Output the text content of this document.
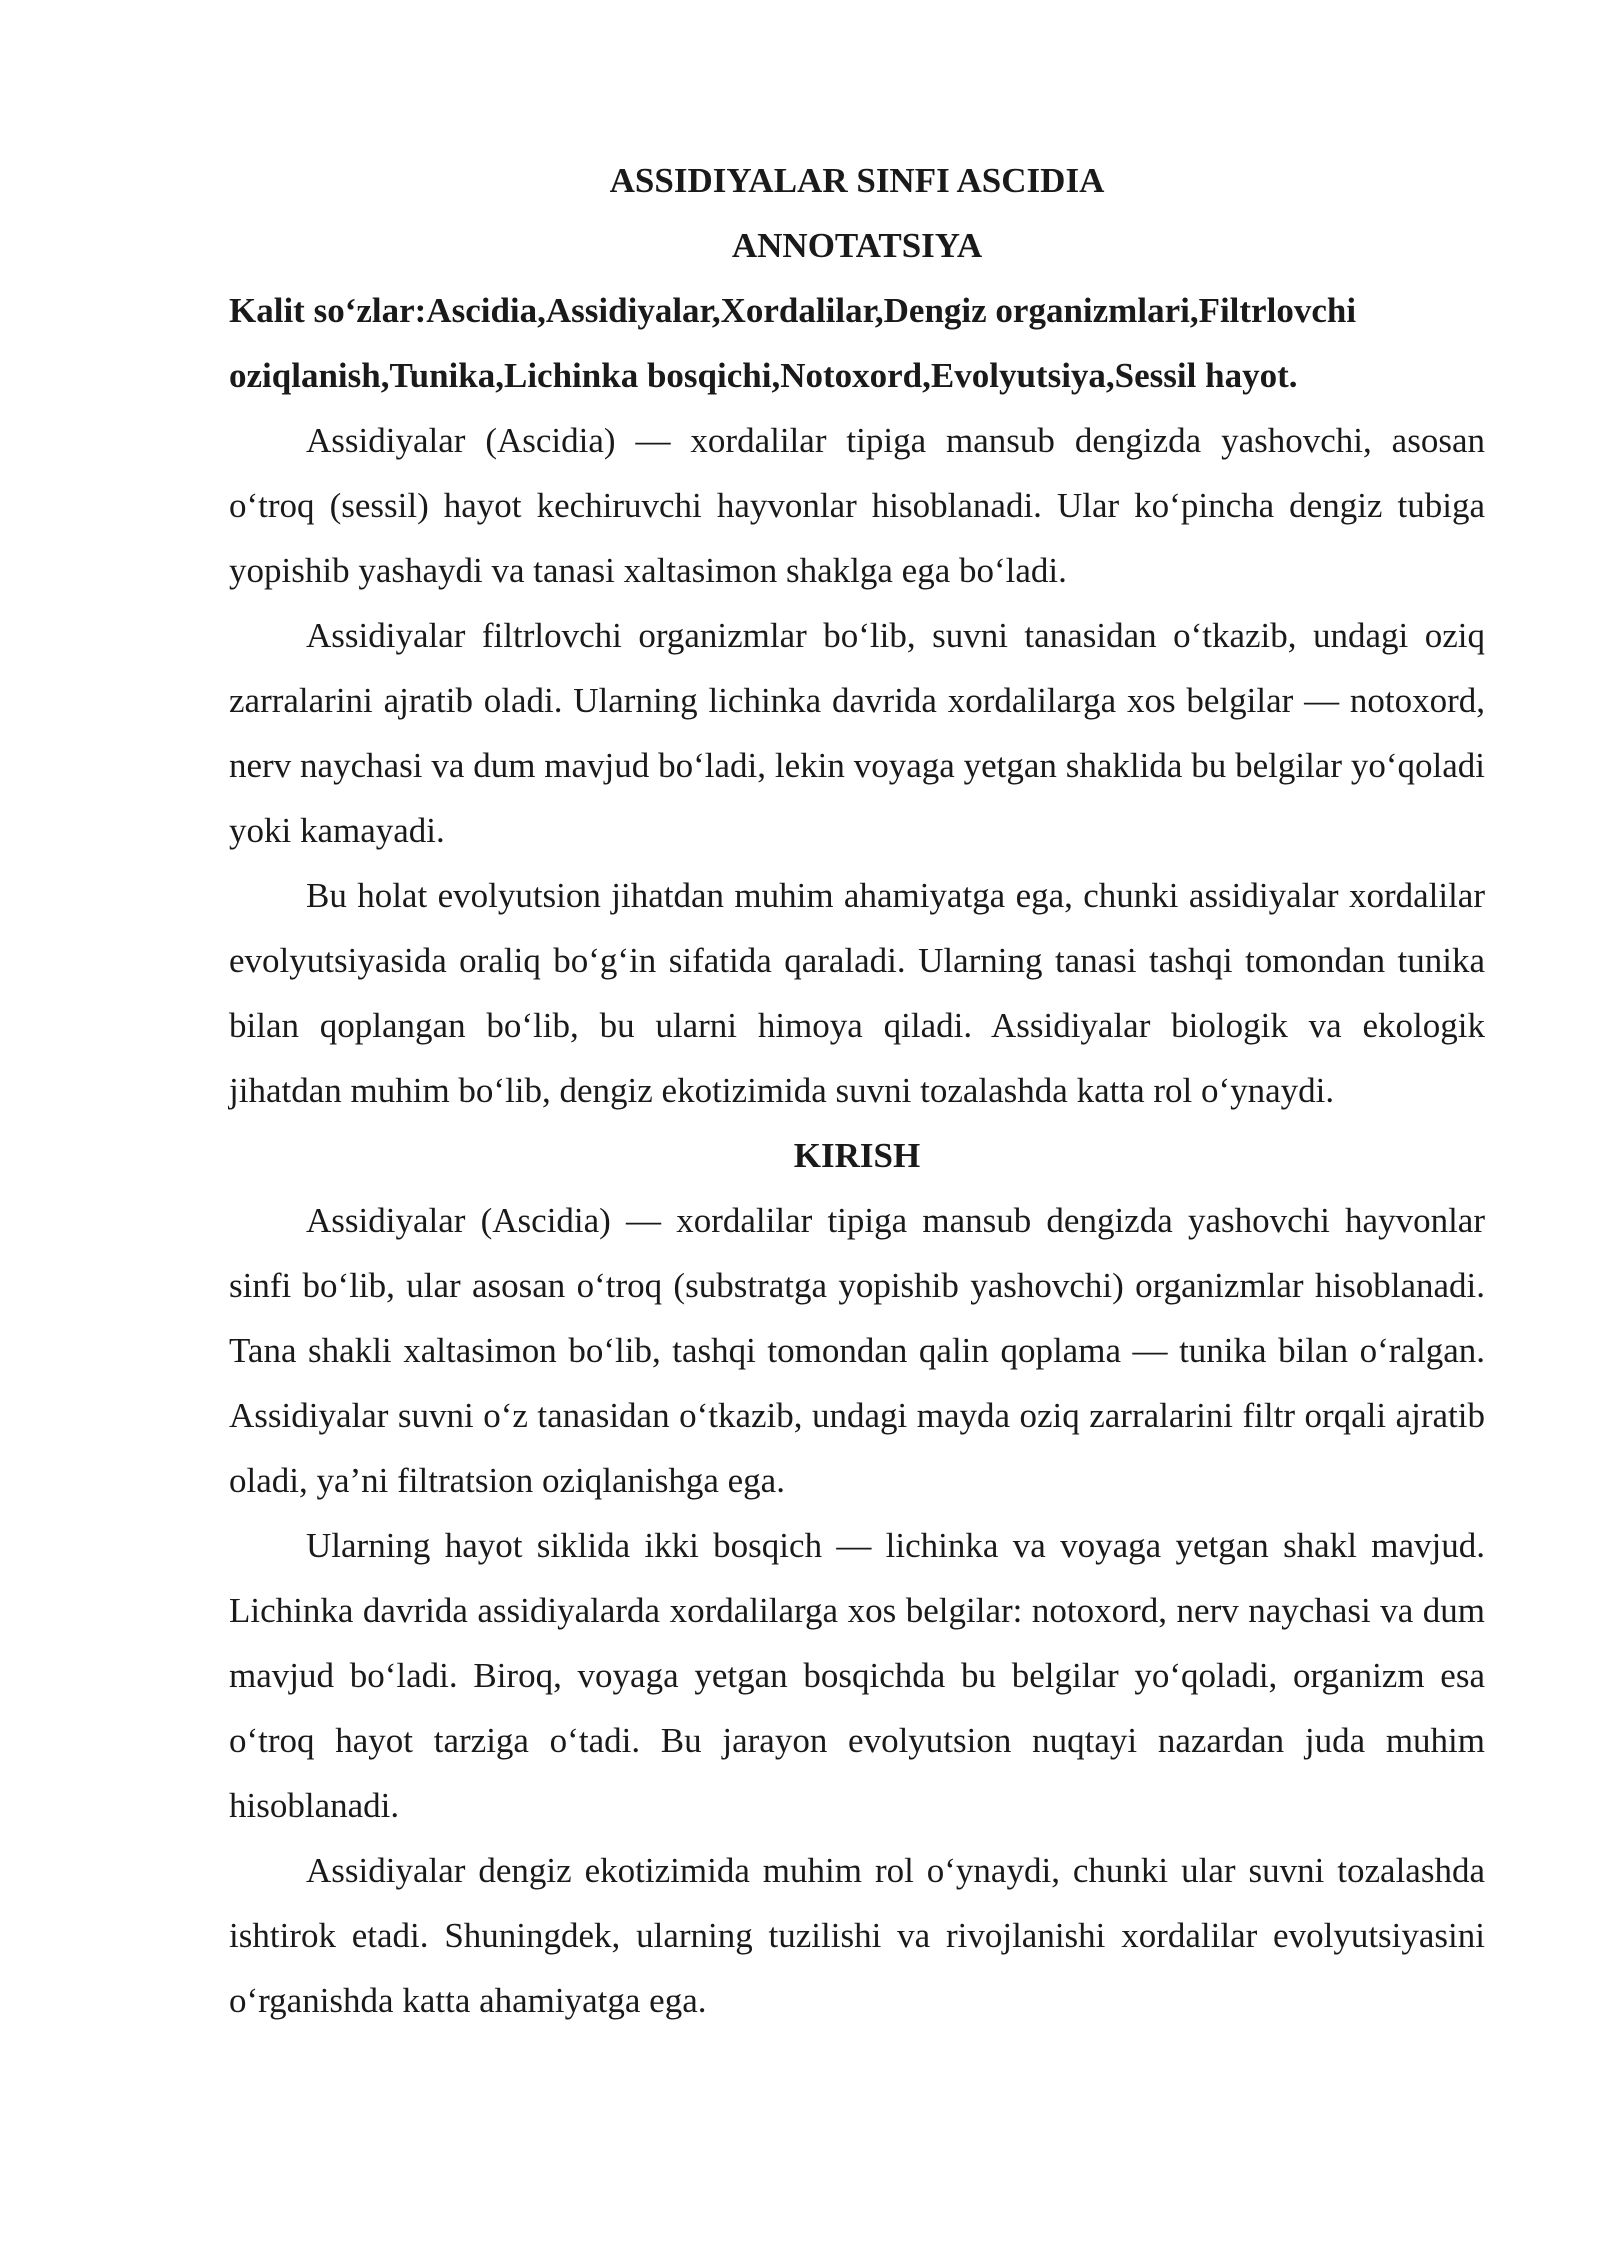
ASSIDIYALAR SINFI ASCIDIA

ANNOTATSIYA

Kalit so‘zlar:Ascidia,Assidiyalar,Xordalilar,Dengiz organizmlari,Filtrlovchi oziqlanish,Tunika,Lichinka bosqichi,Notoxord,Evolyutsiya,Sessil hayot.

Assidiyalar (Ascidia) — xordalilar tipiga mansub dengizda yashovchi, asosan o‘troq (sessil) hayot kechiruvchi hayvonlar hisoblanadi. Ular ko‘pincha dengiz tubiga yopishib yashaydi va tanasi xaltasimon shaklga ega bo‘ladi.

Assidiyalar filtrlovchi organizmlar bo‘lib, suvni tanasidan o‘tkazib, undagi oziq zarralarini ajratib oladi. Ularning lichinka davrida xordalilarga xos belgilar — notoxord, nerv naychasi va dum mavjud bo‘ladi, lekin voyaga yetgan shaklida bu belgilar yo‘qoladi yoki kamayadi.

Bu holat evolyutsion jihatdan muhim ahamiyatga ega, chunki assidiyalar xordalilar evolyutsiyasida oraliq bo‘g‘in sifatida qaraladi. Ularning tanasi tashqi tomondan tunika bilan qoplangan bo‘lib, bu ularni himoya qiladi. Assidiyalar biologik va ekologik jihatdan muhim bo‘lib, dengiz ekotizimida suvni tozalashda katta rol o‘ynaydi.

KIRISH

Assidiyalar (Ascidia) — xordalilar tipiga mansub dengizda yashovchi hayvonlar sinfi bo‘lib, ular asosan o‘troq (substratga yopishib yashovchi) organizmlar hisoblanadi. Tana shakli xaltasimon bo‘lib, tashqi tomondan qalin qoplama — tunika bilan o‘ralgan. Assidiyalar suvni o‘z tanasidan o‘tkazib, undagi mayda oziq zarralarini filtr orqali ajratib oladi, ya’ni filtratsion oziqlanishga ega.

Ularning hayot siklida ikki bosqich — lichinka va voyaga yetgan shakl mavjud. Lichinka davrida assidiyalarda xordalilarga xos belgilar: notoxord, nerv naychasi va dum mavjud bo‘ladi. Biroq, voyaga yetgan bosqichda bu belgilar yo‘qoladi, organizm esa o‘troq hayot tarziga o‘tadi. Bu jarayon evolyutsion nuqtayi nazardan juda muhim hisoblanadi.

Assidiyalar dengiz ekotizimida muhim rol o‘ynaydi, chunki ular suvni tozalashda ishtirok etadi. Shuningdek, ularning tuzilishi va rivojlanishi xordalilar evolyutsiyasini o‘rganishda katta ahamiyatga ega.
